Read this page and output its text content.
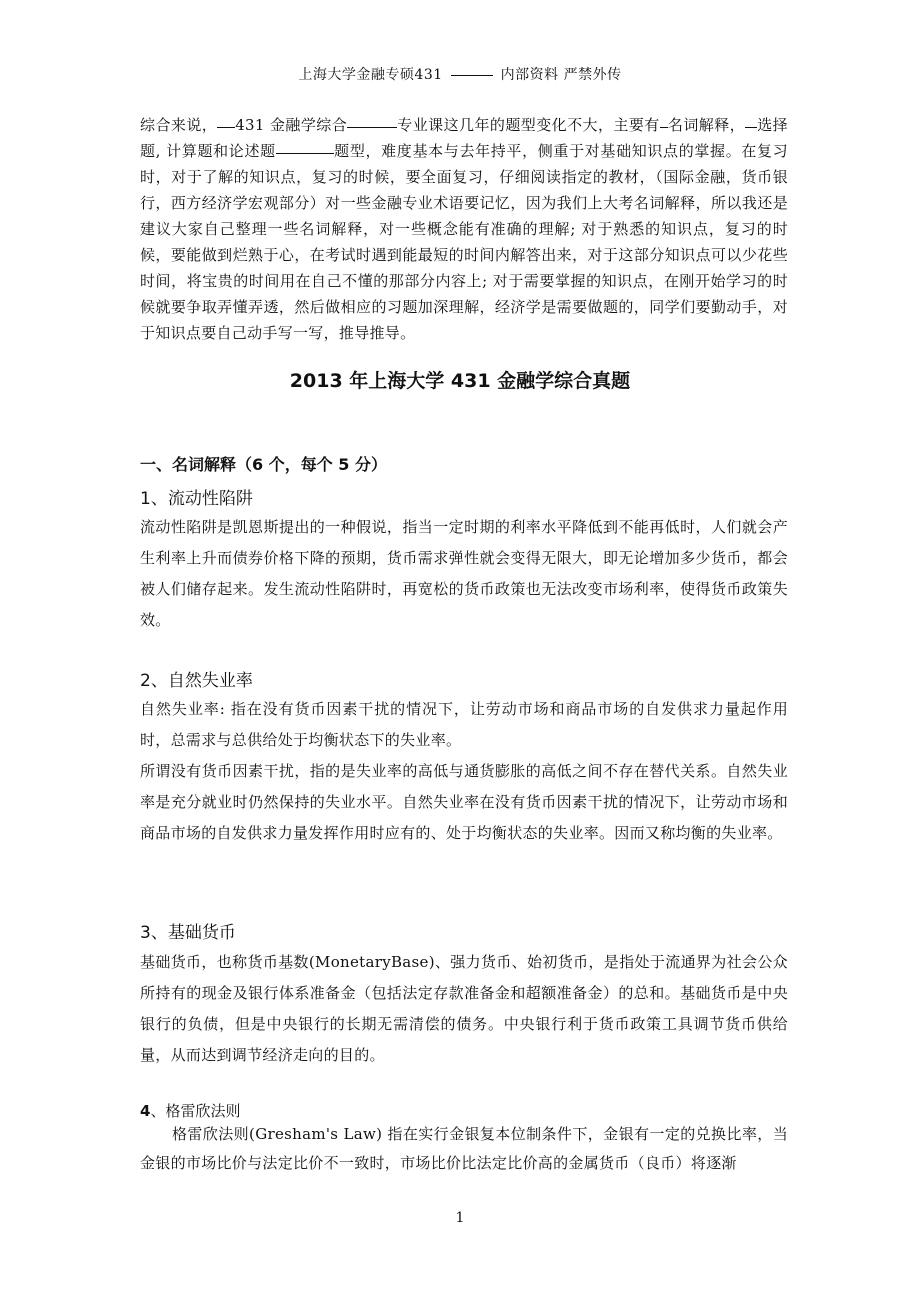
上海大学金融专硕431	内部资料 严禁外传

综合来说， 431 金融学综合	专业课这几年的题型变化不大，主要有 名词解释， 选择题, 计算题和论述题	题型，难度基本与去年持平，侧重于对基础知识点的掌握。在复习时，对于了解的知识点，复习的时候，要全面复习，仔细阅读指定的教材，（国际金融，货币银行，西方经济学宏观部分）对一些金融专业术语要记忆，因为我们上大考名词解释，所以我还是建议大家自己整理一些名词解释，对一些概念能有准确的理解; 对于熟悉的知识点，复习的时候，要能做到烂熟于心，在考试时遇到能最短的时间内解答出来，对于这部分知识点可以少花些时间，将宝贵的时间用在自己不懂的那部分内容上; 对于需要掌握的知识点，在刚开始学习的时候就要争取弄懂弄透，然后做相应的习题加深理解，经济学是需要做题的，同学们要勤动手，对于知识点要自己动手写一写，推导推导。

2013 年上海大学 431 金融学综合真题
一、名词解释（6 个，每个 5 分）
1、流动性陷阱

流动性陷阱是凯恩斯提出的一种假说，指当一定时期的利率水平降低到不能再低时，人们就会产生利率上升而债券价格下降的预期，货币需求弹性就会变得无限大，即无论增加多少货币，都会被人们储存起来。发生流动性陷阱时，再宽松的货币政策也无法改变市场利率，使得货币政策失效。

2、自然失业率

自然失业率: 指在没有货币因素干扰的情况下，让劳动市场和商品市场的自发供求力量起作用时，总需求与总供给处于均衡状态下的失业率。

所谓没有货币因素干扰，指的是失业率的高低与通货膨胀的高低之间不存在替代关系。自然失业率是充分就业时仍然保持的失业水平。自然失业率在没有货币因素干扰的情况下，让劳动市场和商品市场的自发供求力量发挥作用时应有的、处于均衡状态的失业率。因而又称均衡的失业率。

3、基础货币

基础货币，也称货币基数(MonetaryBase)、强力货币、始初货币，是指处于流通界为社会公众所持有的现金及银行体系准备金（包括法定存款准备金和超额准备金）的总和。基础货币是中央银行的负债，但是中央银行的长期无需清偿的债务。中央银行利于货币政策工具调节货币供给量，从而达到调节经济走向的目的。

4、格雷欣法则

格雷欣法则(Gresham's Law) 指在实行金银复本位制条件下，金银有一定的兑换比率，当金银的市场比价与法定比价不一致时，市场比价比法定比价高的金属货币（良币）将逐渐

1
